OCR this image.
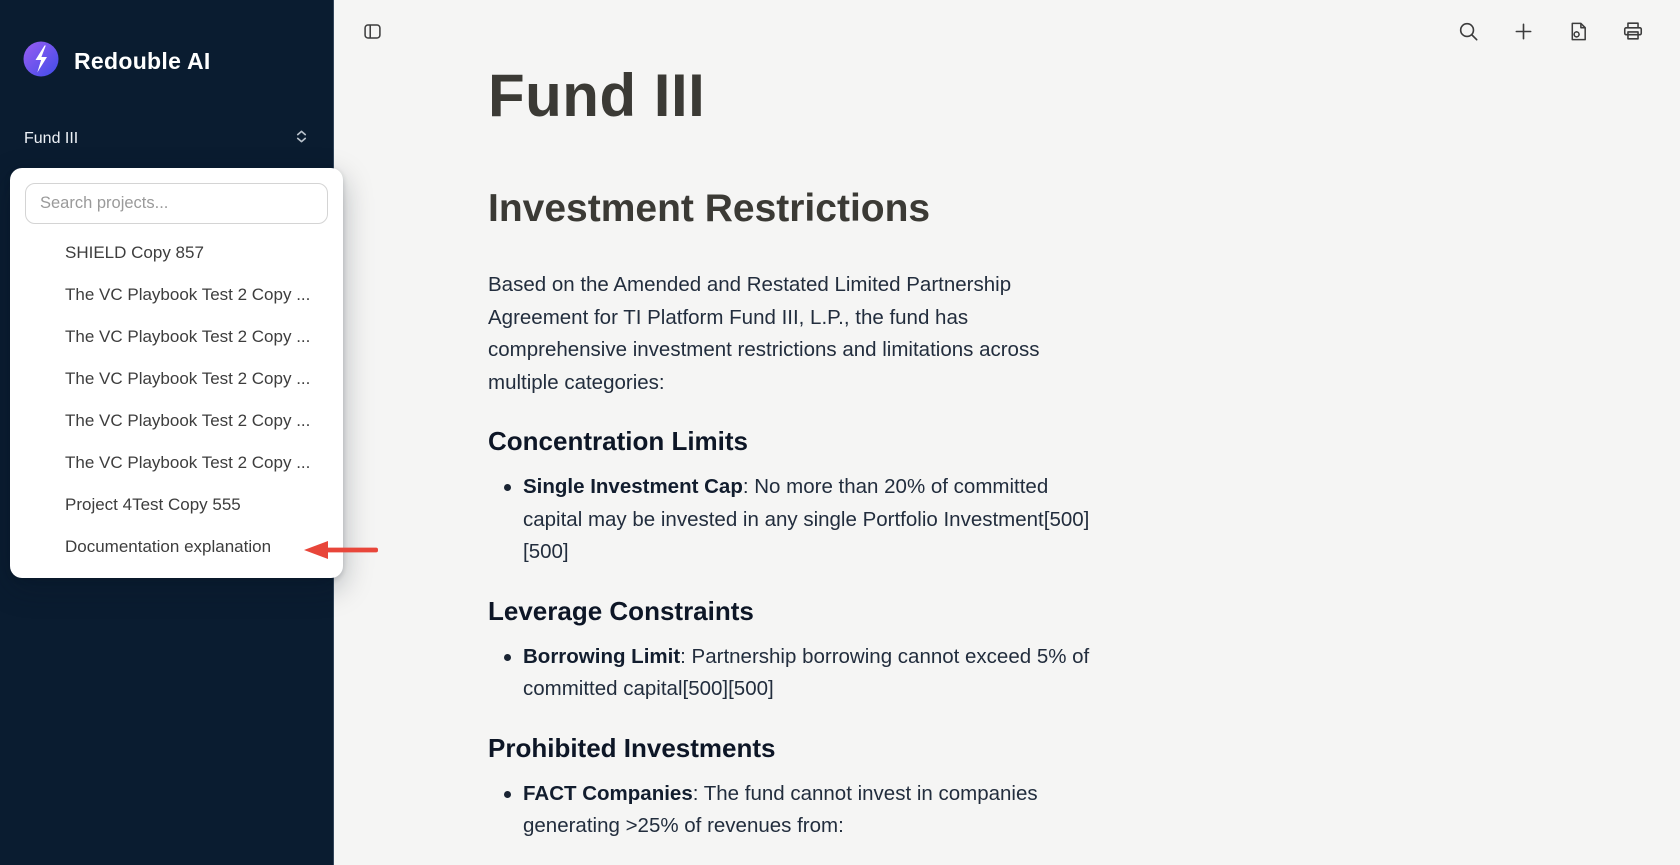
Redouble AI
Fund III
Search projects...
SHIELD Copy 857
The VC Playbook Test 2 Copy ...
The VC Playbook Test 2 Copy ...
The VC Playbook Test 2 Copy ...
The VC Playbook Test 2 Copy ...
The VC Playbook Test 2 Copy ...
Project 4Test Copy 555
Documentation explanation
Fund III
Investment Restrictions

Based on the Amended and Restated Limited Partnership Agreement for TI Platform Fund III, L.P., the fund has comprehensive investment restrictions and limitations across multiple categories:

Concentration Limits
Single Investment Cap: No more than 20% of committed capital may be invested in any single Portfolio Investment[500][500]
Leverage Constraints
Borrowing Limit: Partnership borrowing cannot exceed 5% of committed capital[500][500]
Prohibited Investments
FACT Companies: The fund cannot invest in companies generating >25% of revenues from:
